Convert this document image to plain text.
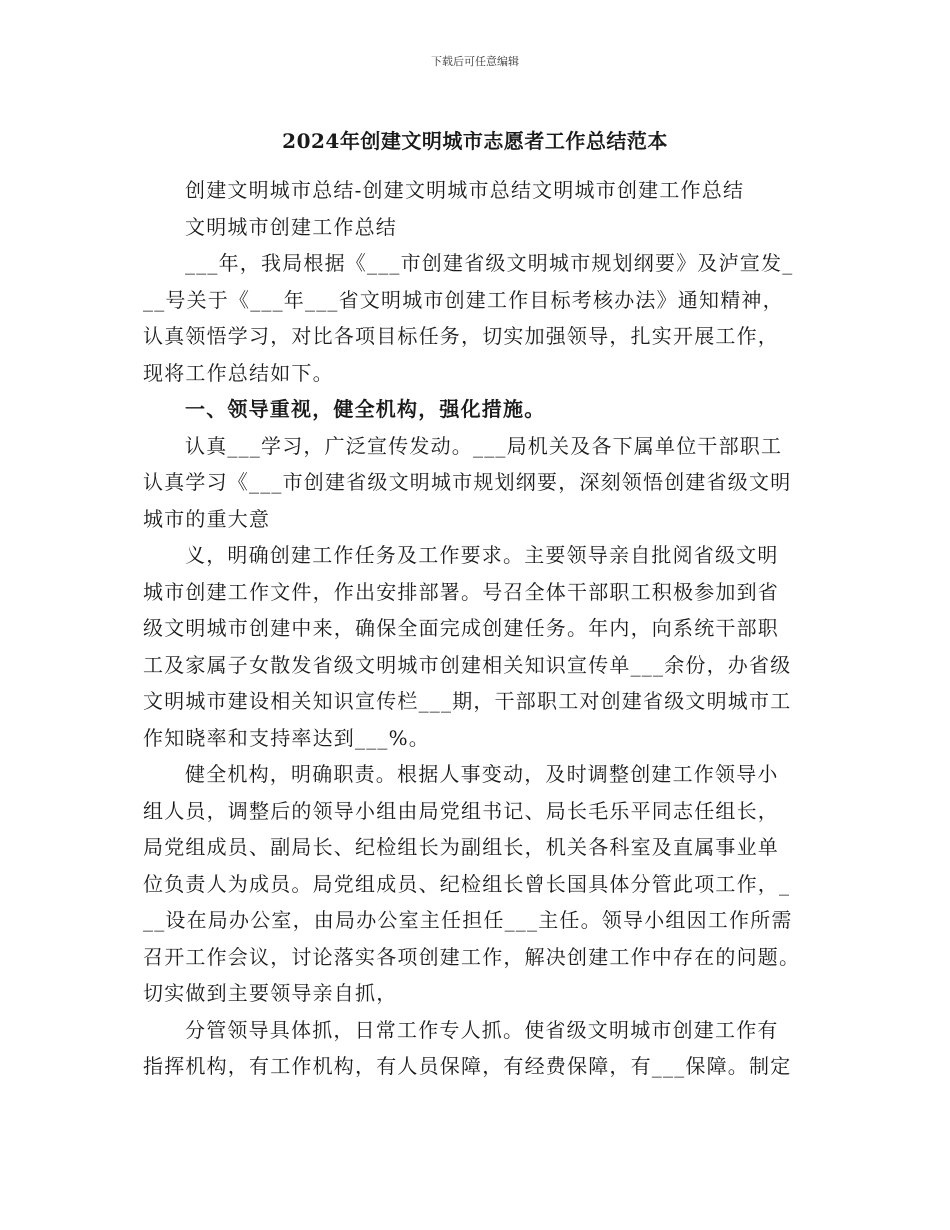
下载后可任意编辑
2024年创建文明城市志愿者工作总结范本
创建文明城市总结-创建文明城市总结文明城市创建工作总结
文明城市创建工作总结
___年，我局根据《___市创建省级文明城市规划纲要》及泸宣发_
__号关于《___年___省文明城市创建工作目标考核办法》通知精神，
认真领悟学习，对比各项目标任务，切实加强领导，扎实开展工作，
现将工作总结如下。
一、领导重视，健全机构，强化措施。
认真___学习，广泛宣传发动。___局机关及各下属单位干部职工
认真学习《___市创建省级文明城市规划纲要，深刻领悟创建省级文明
城市的重大意
义，明确创建工作任务及工作要求。主要领导亲自批阅省级文明
城市创建工作文件，作出安排部署。号召全体干部职工积极参加到省
级文明城市创建中来，确保全面完成创建任务。年内，向系统干部职
工及家属子女散发省级文明城市创建相关知识宣传单___余份，办省级
文明城市建设相关知识宣传栏___期，干部职工对创建省级文明城市工
作知晓率和支持率达到___%。
健全机构，明确职责。根据人事变动，及时调整创建工作领导小
组人员，调整后的领导小组由局党组书记、局长毛乐平同志任组长，
局党组成员、副局长、纪检组长为副组长，机关各科室及直属事业单
位负责人为成员。局党组成员、纪检组长曾长国具体分管此项工作，_
__设在局办公室，由局办公室主任担任___主任。领导小组因工作所需
召开工作会议，讨论落实各项创建工作，解决创建工作中存在的问题。
切实做到主要领导亲自抓，
分管领导具体抓，日常工作专人抓。使省级文明城市创建工作有
指挥机构，有工作机构，有人员保障，有经费保障，有___保障。制定
